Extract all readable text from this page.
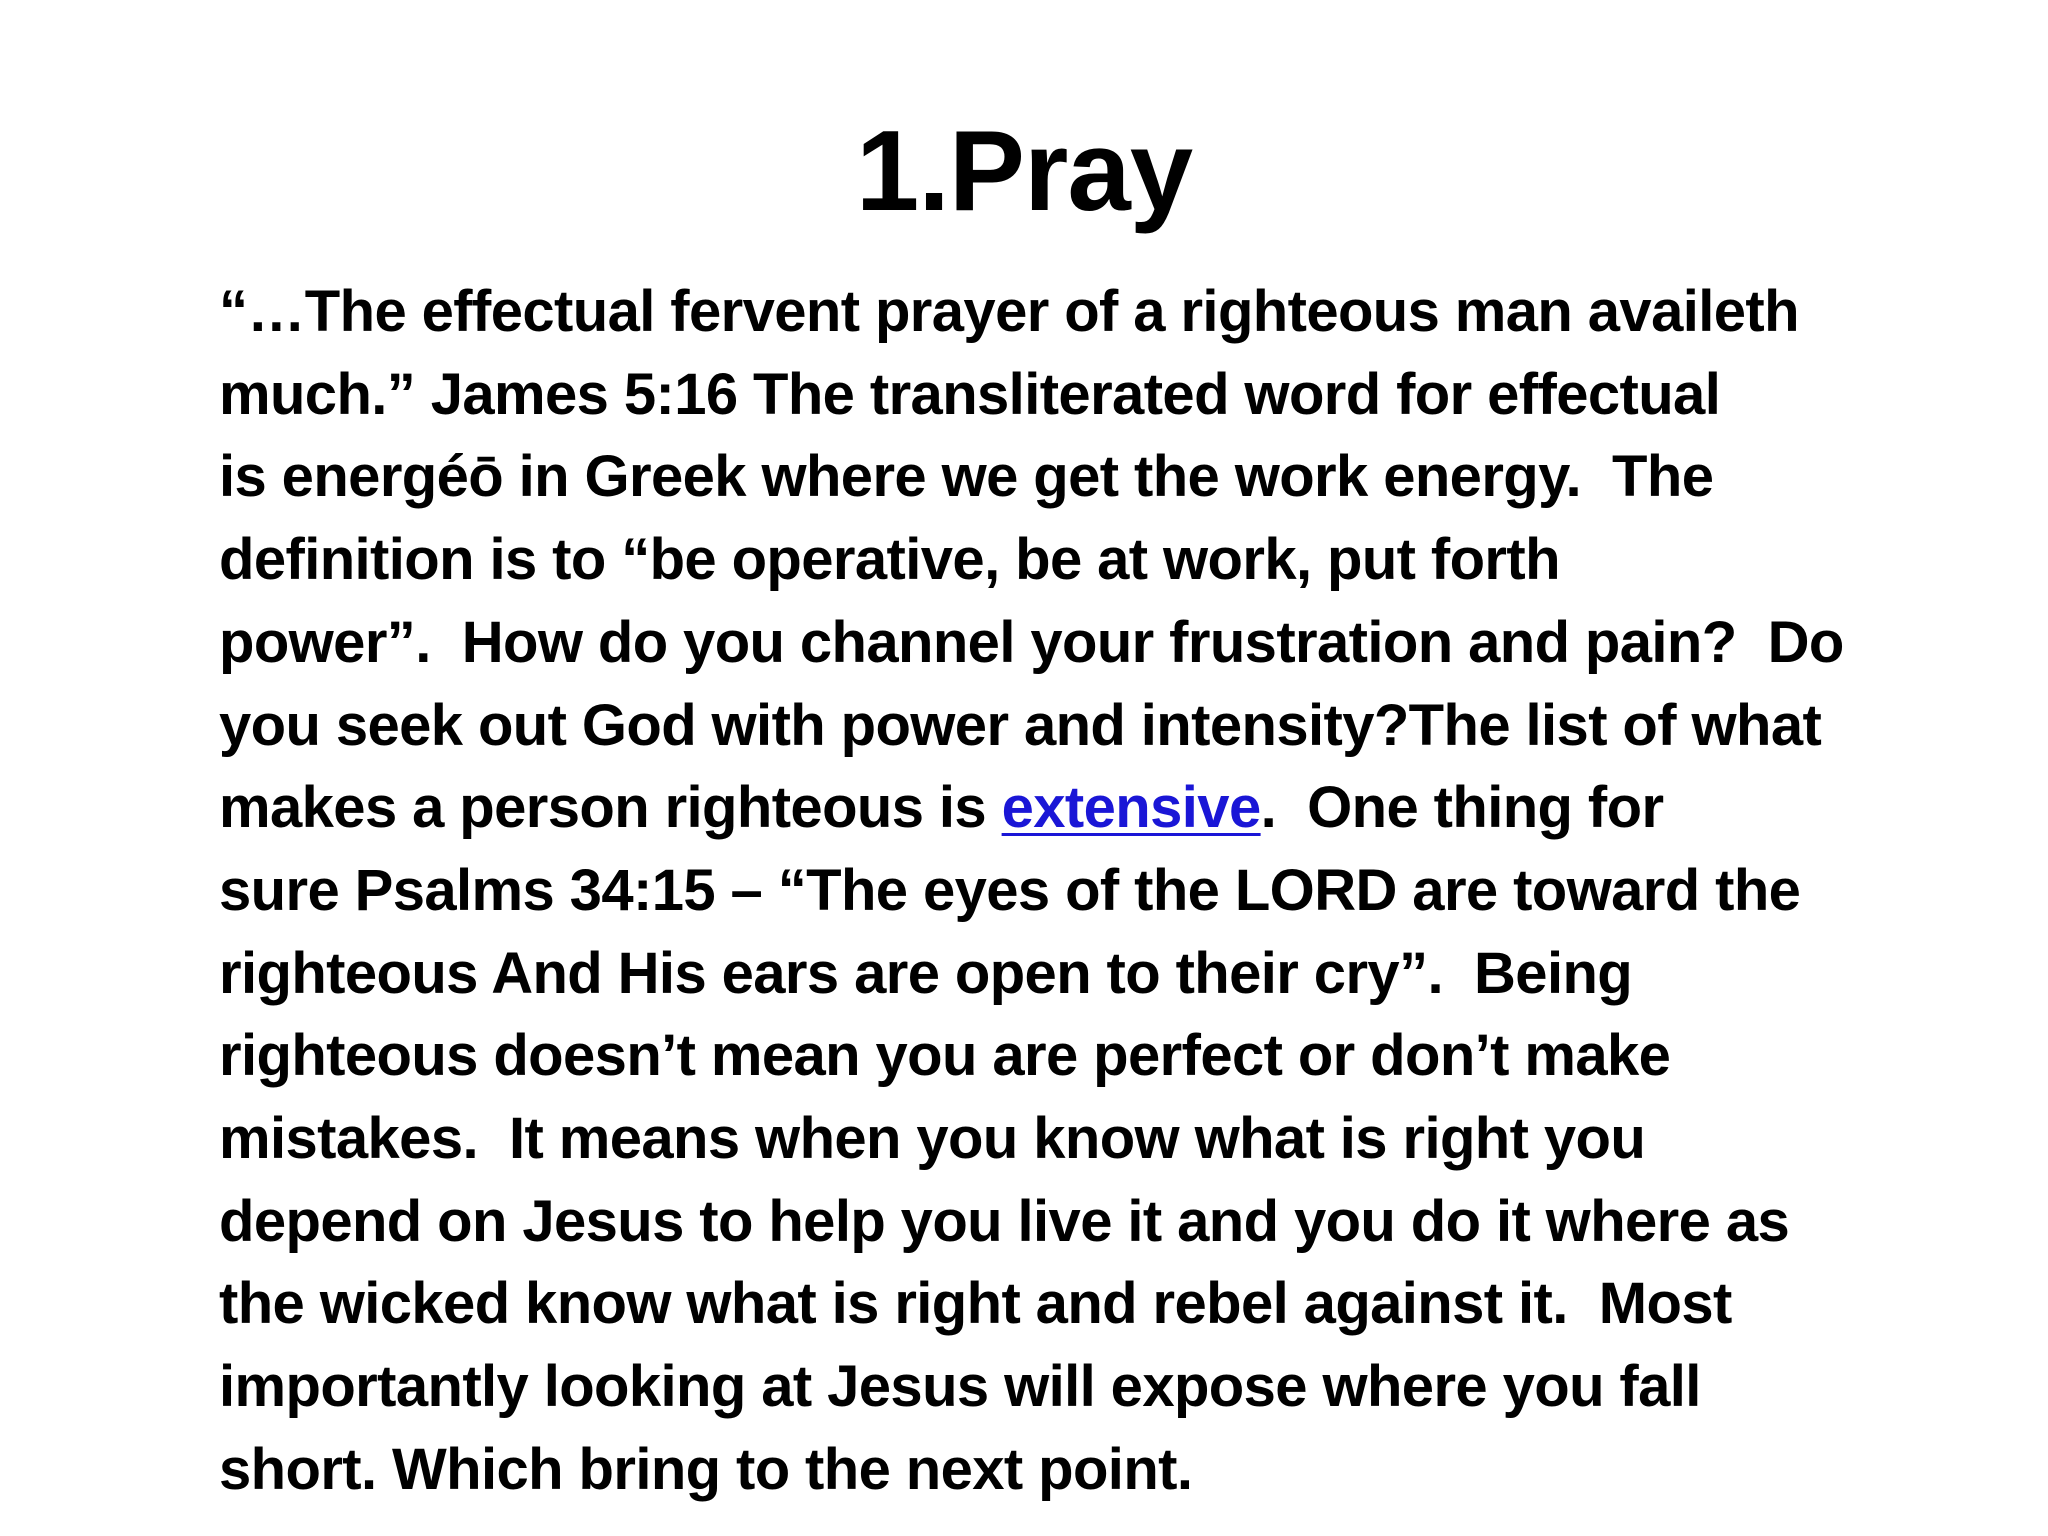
1.Pray
“…The effectual fervent prayer of a righteous man availeth
much.” James 5:16 The transliterated word for effectual
is energéō in Greek where we get the work energy.  The
definition is to “be operative, be at work, put forth
power”.  How do you channel your frustration and pain?  Do
you seek out God with power and intensity?The list of what
makes a person righteous is extensive.  One thing for
sure Psalms 34:15 – “The eyes of the LORD are toward the
righteous And His ears are open to their cry”.  Being
righteous doesn’t mean you are perfect or don’t make
mistakes.  It means when you know what is right you
depend on Jesus to help you live it and you do it where as
the wicked know what is right and rebel against it.  Most
importantly looking at Jesus will expose where you fall
short. Which bring to the next point.
